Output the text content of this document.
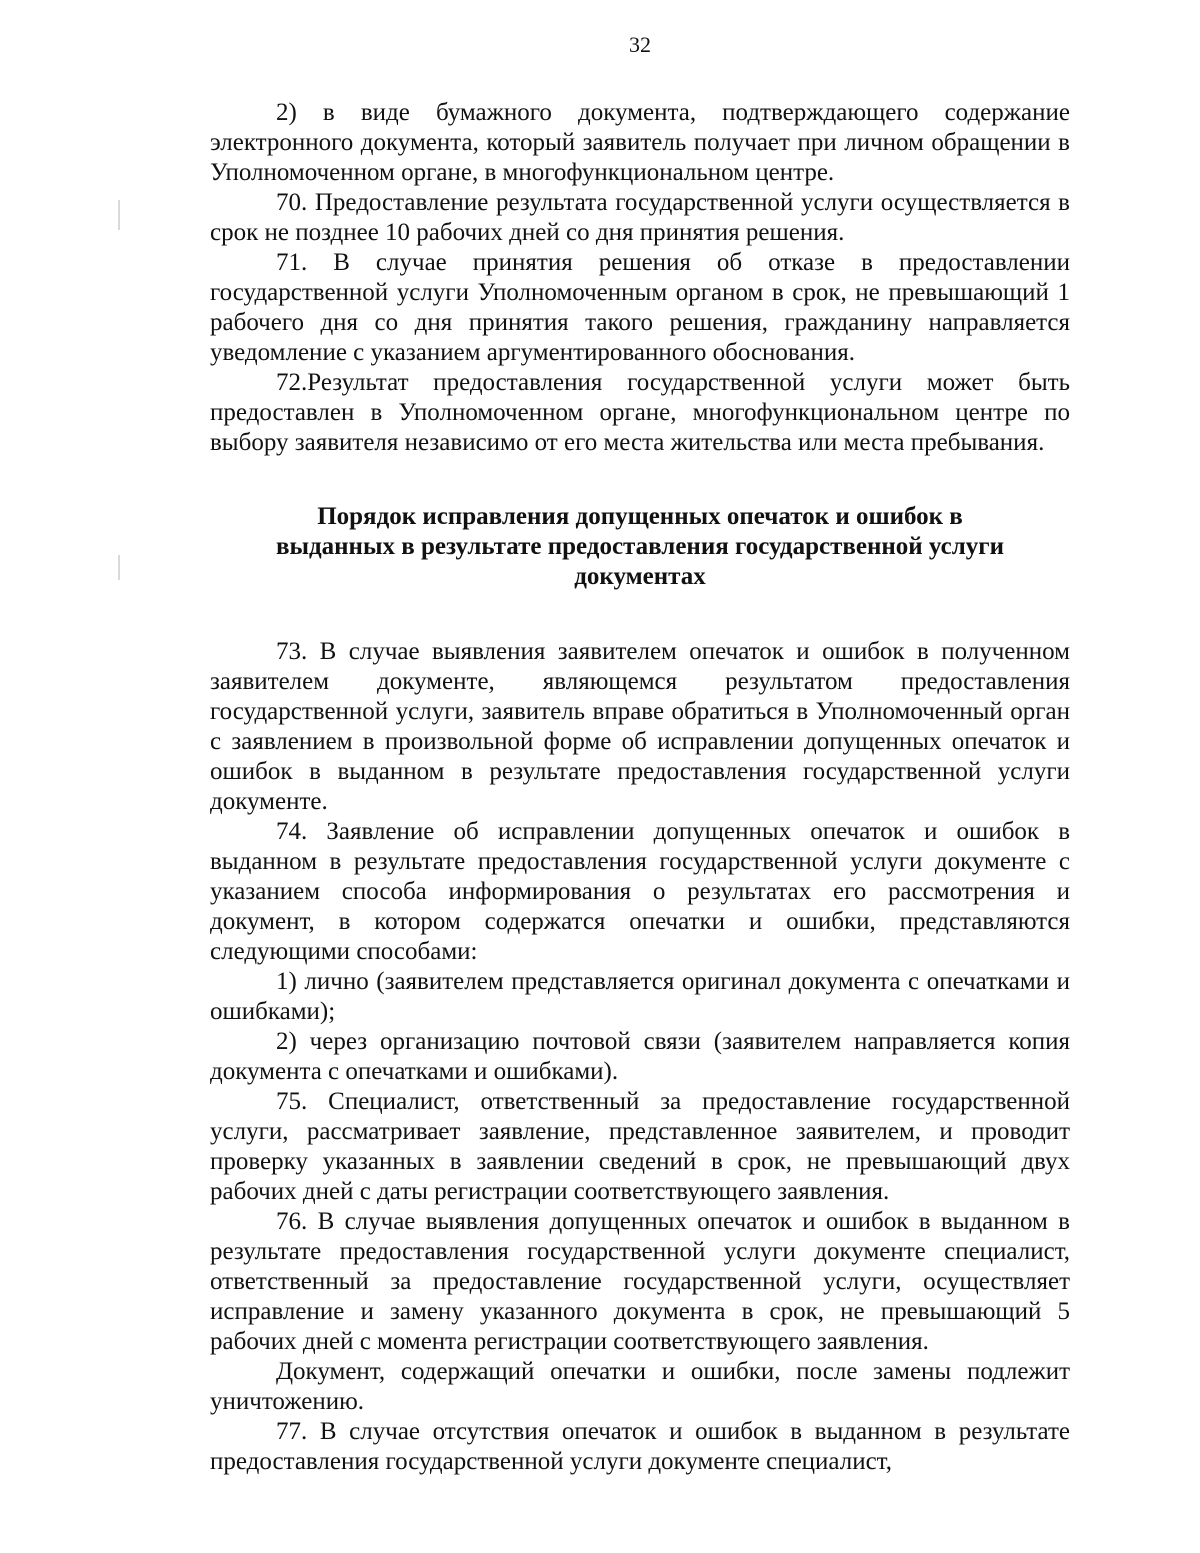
32

2) в виде бумажного документа, подтверждающего содержание электронного документа, который заявитель получает при личном обращении в Уполномоченном органе, в многофункциональном центре.

70. Предоставление результата государственной услуги осуществляется в срок не позднее 10 рабочих дней со дня принятия решения.

71. В случае принятия решения об отказе в предоставлении государственной услуги Уполномоченным органом в срок, не превышающий 1 рабочего дня со дня принятия такого решения, гражданину направляется уведомление с указанием аргументированного обоснования.

72.Результат предоставления государственной услуги может быть предоставлен в Уполномоченном органе, многофункциональном центре по выбору заявителя независимо от его места жительства или места пребывания.

Порядок исправления допущенных опечаток и ошибок в
выданных в результате предоставления государственной услуги
документах

73. В случае выявления заявителем опечаток и ошибок в полученном заявителем документе, являющемся результатом предоставления государственной услуги, заявитель вправе обратиться в Уполномоченный орган с заявлением в произвольной форме об исправлении допущенных опечаток и ошибок в выданном в результате предоставления государственной услуги документе.

74. Заявление об исправлении допущенных опечаток и ошибок в выданном в результате предоставления государственной услуги документе с указанием способа информирования о результатах его рассмотрения и документ, в котором содержатся опечатки и ошибки, представляются следующими способами:

1) лично (заявителем представляется оригинал документа с опечатками и ошибками);

2) через организацию почтовой связи (заявителем направляется копия документа с опечатками и ошибками).

75. Специалист, ответственный за предоставление государственной услуги, рассматривает заявление, представленное заявителем, и проводит проверку указанных в заявлении сведений в срок, не превышающий двух рабочих дней с даты регистрации соответствующего заявления.

76. В случае выявления допущенных опечаток и ошибок в выданном в результате предоставления государственной услуги документе специалист, ответственный за предоставление государственной услуги, осуществляет исправление и замену указанного документа в срок, не превышающий 5 рабочих дней с момента регистрации соответствующего заявления.

Документ, содержащий опечатки и ошибки, после замены подлежит уничтожению.

77. В случае отсутствия опечаток и ошибок в выданном в результате предоставления государственной услуги документе специалист,
